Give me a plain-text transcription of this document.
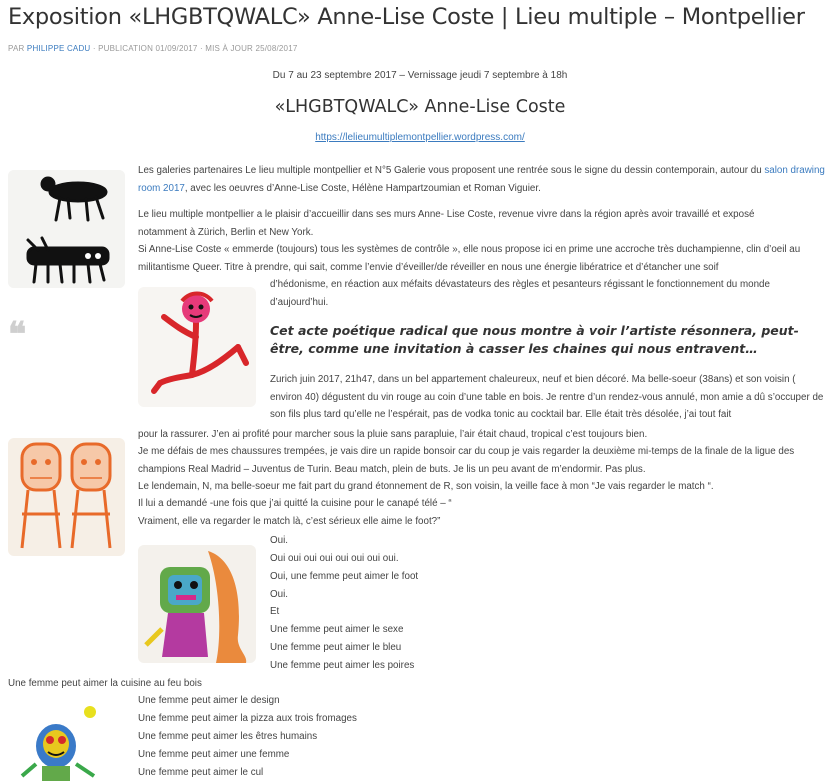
Exposition «LHGBTQWALC» Anne-Lise Coste | Lieu multiple – Montpellier
PAR PHILIPPE CADU · PUBLICATION 01/09/2017 · MIS À JOUR 25/08/2017
Du 7 au 23 septembre 2017 – Vernissage jeudi 7 septembre à 18h
«LHGBTQWALC» Anne-Lise Coste
https://lelieumultiplemontpellier.wordpress.com/

Les galeries partenaires Le lieu multiple montpellier et N°5 Galerie vous proposent une rentrée sous le signe du dessin contemporain, autour du salon drawing room 2017, avec les oeuvres d’Anne-Lise Coste, Hélène Hampartzoumian et Roman Viguier.

Le lieu multiple montpellier a le plaisir d’accueillir dans ses murs Anne- Lise Coste, revenue vivre dans la région après avoir travaillé et exposé notamment à Zürich, Berlin et New York.

Si Anne-Lise Coste « emmerde (toujours) tous les systèmes de contrôle », elle nous propose ici en prime une accroche très duchampienne, clin d’oeil au militantisme Queer. Titre à prendre, qui sait, comme l’envie d’éveiller/de réveiller en nous une énergie libératrice et d’étancher une soif

d’hédonisme, en réaction aux méfaits dévastateurs des règles et pesanteurs régissant le fonctionnement du monde d’aujourd’hui.

❝	Cet acte poétique radical que nous montre à voir l’artiste résonnera, peut-être, comme une invitation à casser les chaines qui nous entravent…

Zurich juin 2017, 21h47, dans un bel appartement chaleureux, neuf et bien décoré. Ma belle-soeur (38ans) et son voisin ( environ 40) dégustent du vin rouge au coin d’une table en bois. Je rentre d’un rendez-vous annulé, mon amie a dû s’occuper de son fils plus tard qu’elle ne l’espérait, pas de vodka tonic au cocktail bar. Elle était très désolée, j’ai tout fait

pour la rassurer. J’en ai profité pour marcher sous la pluie sans parapluie, l’air était chaud, tropical c’est toujours bien.

Je me défais de mes chaussures trempées, je vais dire un rapide bonsoir car du coup je vais regarder la deuxième mi-temps de la finale de la ligue des champions Real Madrid – Juventus de Turin. Beau match, plein de buts. Je lis un peu avant de m’endormir. Pas plus.

Le lendemain, N, ma belle-soeur me fait part du grand étonnement de R, son voisin, la veille face à mon “Je vais regarder le match “.
Il lui a demandé -une fois que j’ai quitté la cuisine pour le canapé télé – “
Vraiment, elle va regarder le match là, c’est sérieux elle aime le foot?”
Oui.
Oui oui oui oui oui oui oui oui.
Oui, une femme peut aimer le foot
Oui.
Et
Une femme peut aimer le sexe
Une femme peut aimer le bleu
Une femme peut aimer les poires
Une femme peut aimer la cuisine au feu bois
Une femme peut aimer le design
Une femme peut aimer la pizza aux trois fromages
Une femme peut aimer les êtres humains
Une femme peut aimer une femme
Une femme peut aimer le cul
